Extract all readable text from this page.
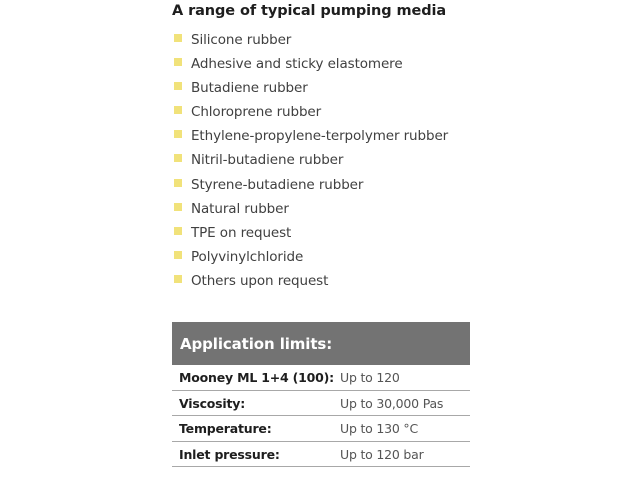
A range of typical pumping media
Silicone rubber
Adhesive and sticky elastomere
Butadiene rubber
Chloroprene rubber
Ethylene-propylene-terpolymer rubber
Nitril-butadiene rubber
Styrene-butadiene rubber
Natural rubber
TPE on request
Polyvinylchloride
Others upon request
Application limits:
Mooney ML 1+4 (100): Up to 120
Viscosity:	Up to 30,000 Pas
Temperature:	Up to 130 °C
Inlet pressure:	Up to 120 bar
